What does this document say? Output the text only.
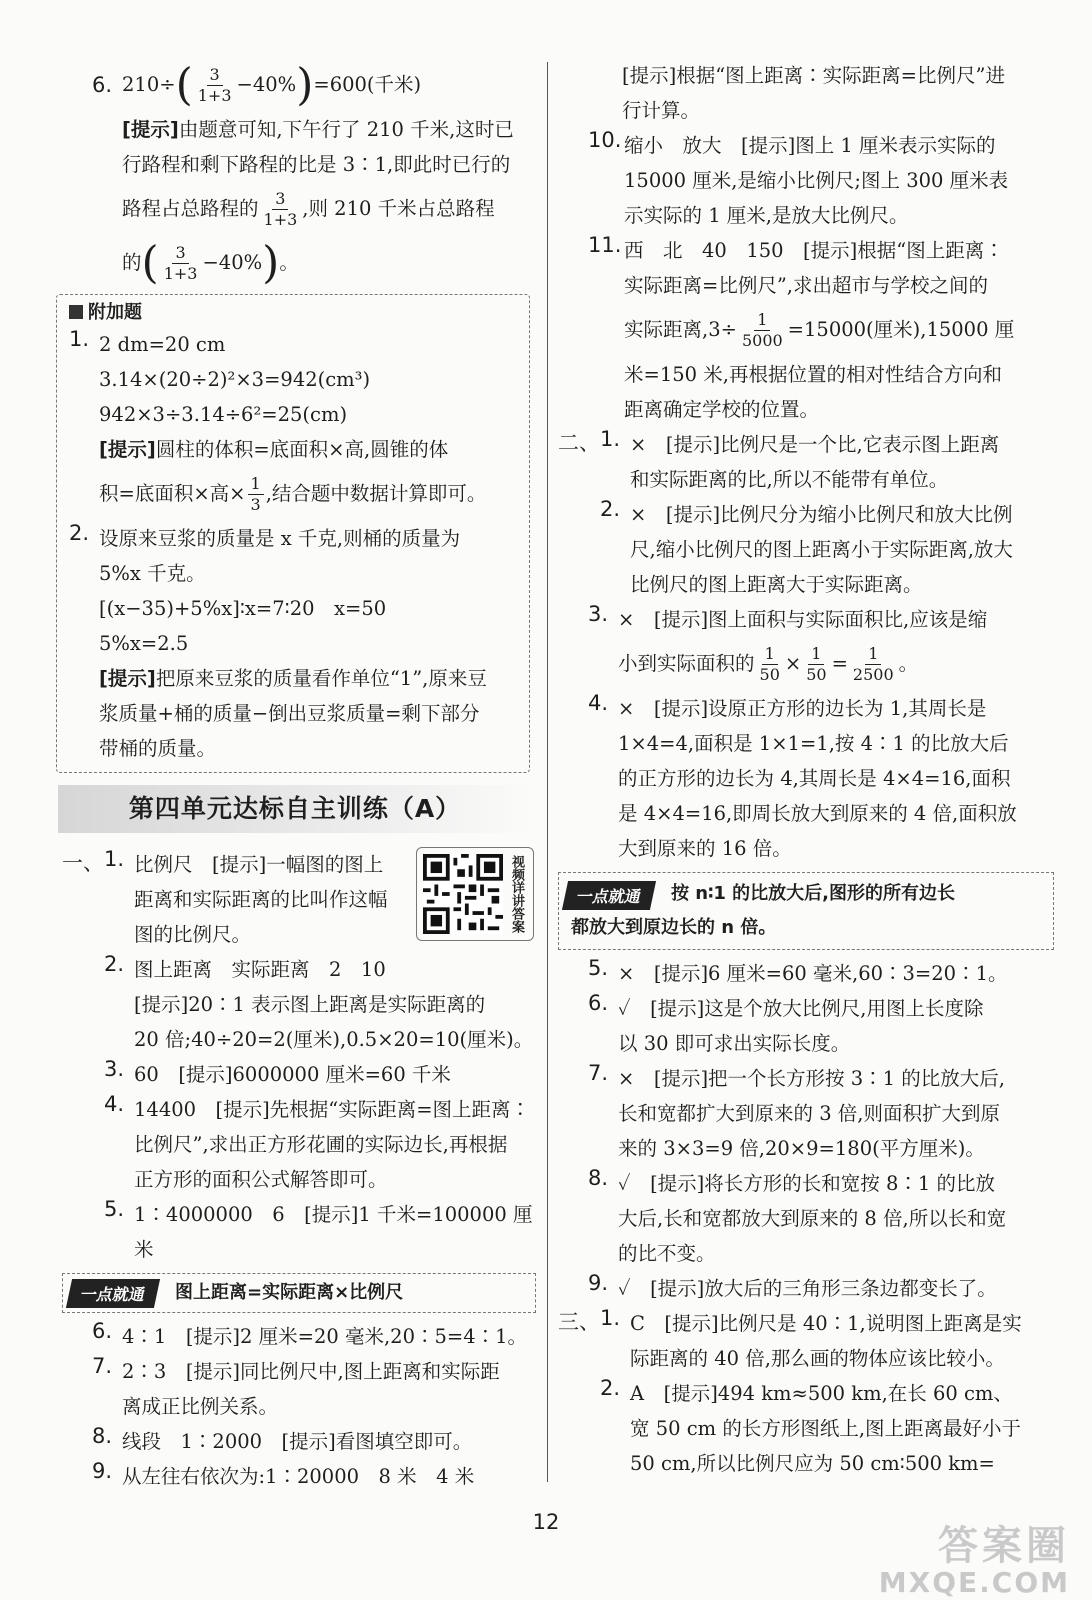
6. $210\div( \frac{3}{1+3} -40\%)=600$(千米)

[提示]由题意可知,下午行了 210 千米,这时已

行路程和剩下路程的比是 3∶1,即此时已行的

路程占总路程的 $\frac{3}{1+3}$ ,则 210 千米占总路程

的( $\frac{3}{1+3} -40\%$)。

附加题
1. 2 dm=20 cm

3.14×(20÷2)²×3=942(cm³)

942×3÷3.14÷6²=25(cm)

[提示]圆柱的体积=底面积×高,圆锥的体

积=底面积×高× $\frac{1}{3}$ ,结合题中数据计算即可。

2. 设原来豆浆的质量是 x 千克,则桶的质量为

5%x 千克。

[(x−35)+5%x]∶x=7∶20　x=50

5%x=2.5

[提示]把原来豆浆的质量看作单位“1”,原来豆

浆质量+桶的质量−倒出豆浆质量=剩下部分

带桶的质量。

第四单元达标自主训练（A）
视频详讲答案
一、 1. 比例尺　[提示]一幅图的图上

距离和实际距离的比叫作这幅

图的比例尺。

2. 图上距离　实际距离　2　10

[提示]20∶1 表示图上距离是实际距离的

20 倍;40÷20=2(厘米),0.5×20=10(厘米)。

3. 60　[提示]6000000 厘米=60 千米

4. 14400　[提示]先根据“实际距离=图上距离∶

比例尺”,求出正方形花圃的实际边长,再根据

正方形的面积公式解答即可。

5. 1∶4000000　6　[提示]1 千米=100000 厘米

一点就通	图上距离=实际距离×比例尺
6. 4∶1　[提示]2 厘米=20 毫米,20∶5=4∶1。

7. 2∶3　[提示]同比例尺中,图上距离和实际距

离成正比例关系。

8. 线段　1∶2000　[提示]看图填空即可。

9. 从左往右依次为:1∶20000　8 米　4 米

[提示]根据“图上距离∶实际距离=比例尺”进

行计算。

10. 缩小　放大　[提示]图上 1 厘米表示实际的

15000 厘米,是缩小比例尺;图上 300 厘米表

示实际的 1 厘米,是放大比例尺。

11. 西　北　40　150　[提示]根据“图上距离∶

实际距离=比例尺”,求出超市与学校之间的

实际距离$,3\div \frac{1}{5000} =15000$(厘米),15000 厘

米=150 米,再根据位置的相对性结合方向和

距离确定学校的位置。

二、 1. ×　[提示]比例尺是一个比,它表示图上距离

和实际距离的比,所以不能带有单位。

2. ×　[提示]比例尺分为缩小比例尺和放大比例

尺,缩小比例尺的图上距离小于实际距离,放大

比例尺的图上距离大于实际距离。

3. ×　[提示]图上面积与实际面积比,应该是缩

小到实际面积的 $\frac{1}{50} \times \frac{1}{50} = \frac{1}{2500}$ 。

4. ×　[提示]设原正方形的边长为 1,其周长是

1×4=4,面积是 1×1=1,按 4∶1 的比放大后

的正方形的边长为 4,其周长是 4×4=16,面积

是 4×4=16,即周长放大到原来的 4 倍,面积放

大到原来的 16 倍。

一点就通	按 n∶1 的比放大后,图形的所有边长
都放大到原边长的 n 倍。
5. ×　[提示]6 厘米=60 毫米,60∶3=20∶1。

6. ✓　[提示]这是个放大比例尺,用图上长度除

以 30 即可求出实际长度。

7. ×　[提示]把一个长方形按 3∶1 的比放大后,

长和宽都扩大到原来的 3 倍,则面积扩大到原

来的 3×3=9 倍,20×9=180(平方厘米)。

8. ✓　[提示]将长方形的长和宽按 8∶1 的比放

大后,长和宽都放大到原来的 8 倍,所以长和宽

的比不变。

9. ✓　[提示]放大后的三角形三条边都变长了。

三、 1. C　[提示]比例尺是 40∶1,说明图上距离是实

际距离的 40 倍,那么画的物体应该比较小。

2. A　[提示]494 km≈500 km,在长 60 cm、

宽 50 cm 的长方形图纸上,图上距离最好小于

50 cm,所以比例尺应为 50 cm∶500 km=

12
答案圈
MXQE.COM
